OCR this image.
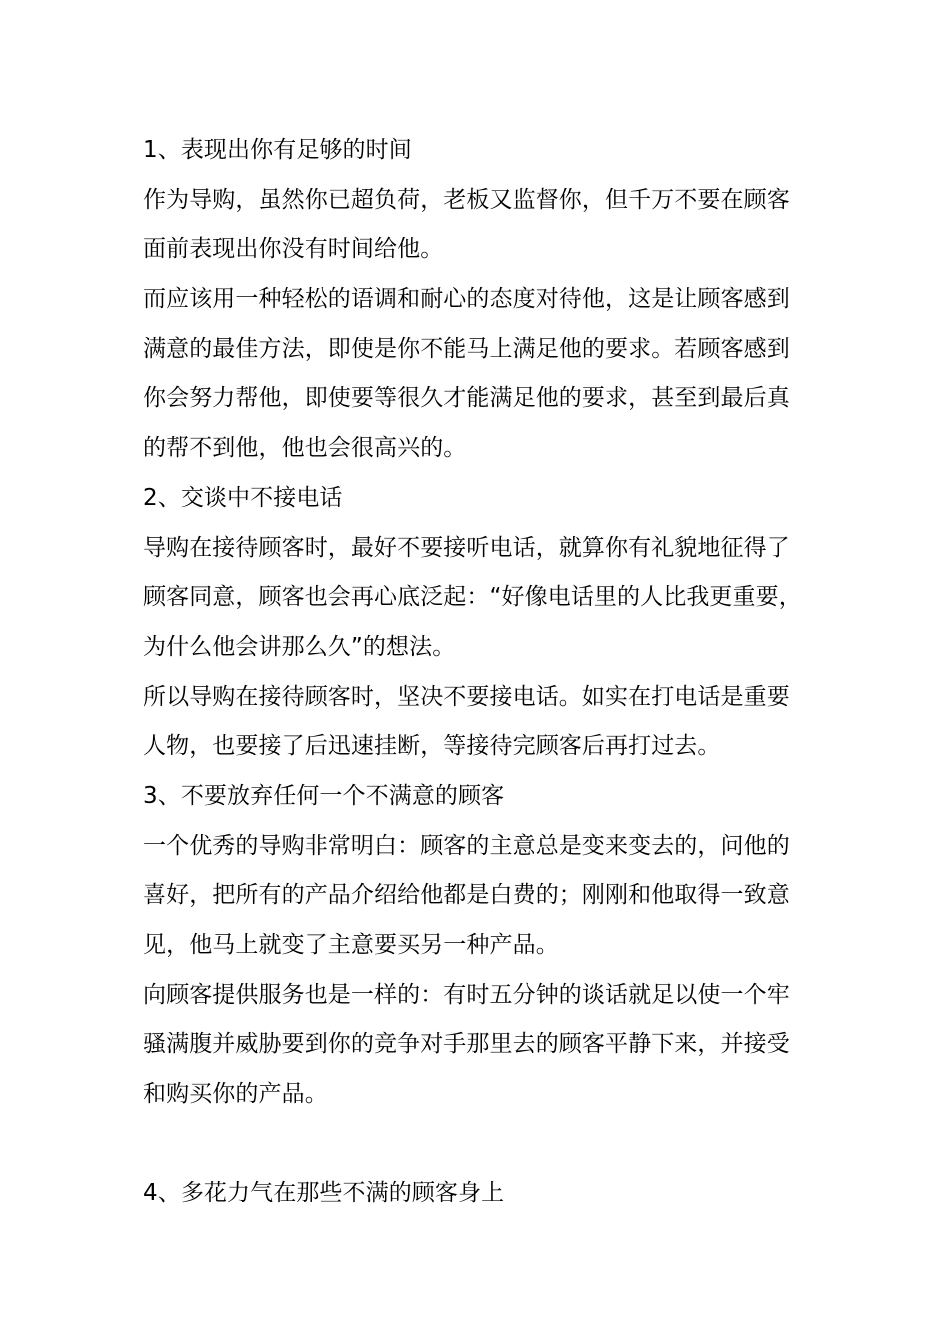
1、表现出你有足够的时间
作为导购，虽然你已超负荷，老板又监督你，但千万不要在顾客
面前表现出你没有时间给他。
而应该用一种轻松的语调和耐心的态度对待他，这是让顾客感到
满意的最佳方法，即使是你不能马上满足他的要求。若顾客感到
你会努力帮他，即使要等很久才能满足他的要求，甚至到最后真
的帮不到他，他也会很高兴的。
2、交谈中不接电话
导购在接待顾客时，最好不要接听电话，就算你有礼貌地征得了
顾客同意，顾客也会再心底泛起：“好像电话里的人比我更重要，
为什么他会讲那么久”的想法。
所以导购在接待顾客时，坚决不要接电话。如实在打电话是重要
人物，也要接了后迅速挂断，等接待完顾客后再打过去。
3、不要放弃任何一个不满意的顾客
一个优秀的导购非常明白：顾客的主意总是变来变去的，问他的
喜好，把所有的产品介绍给他都是白费的；刚刚和他取得一致意
见，他马上就变了主意要买另一种产品。
向顾客提供服务也是一样的：有时五分钟的谈话就足以使一个牢
骚满腹并威胁要到你的竞争对手那里去的顾客平静下来，并接受
和购买你的产品。
4、多花力气在那些不满的顾客身上
